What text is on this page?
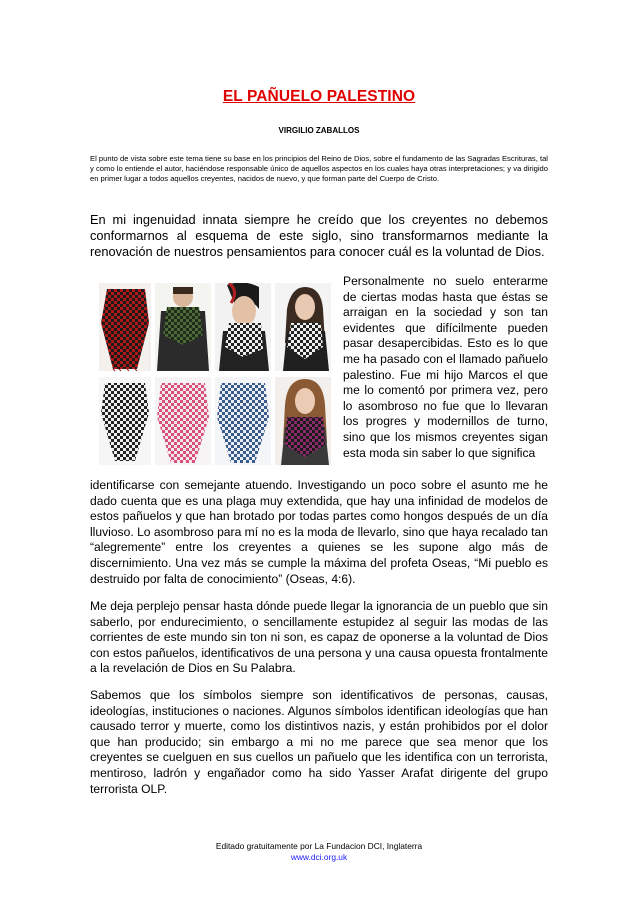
EL PAÑUELO PALESTINO
VIRGILIO ZABALLOS
El punto de vista sobre este tema tiene su base en los principios del Reino de Dios, sobre el fundamento de las Sagradas Escrituras, tal y como lo entiende el autor, haciéndose responsable único de aquellos aspectos en los cuales haya otras interpretaciones; y va dirigido en primer lugar a todos aquellos creyentes, nacidos de nuevo, y que forman parte del Cuerpo de Cristo.

En mi ingenuidad innata siempre he creído que los creyentes no debemos conformarnos al esquema de este siglo, sino transformarnos mediante la renovación de nuestros pensamientos para conocer cuál es la voluntad de Dios.

Personalmente no suelo enterarme de ciertas modas hasta que éstas se arraigan en la sociedad y son tan evidentes que difícilmente pueden pasar desapercibidas. Esto es lo que me ha pasado con el llamado pañuelo palestino. Fue mi hijo Marcos el que me lo comentó por primera vez, pero lo asombroso no fue que lo llevaran los progres y modernillos de turno, sino que los mismos creyentes sigan esta moda sin saber lo que significa

identificarse con semejante atuendo. Investigando un poco sobre el asunto me he dado cuenta que es una plaga muy extendida, que hay una infinidad de modelos de estos pañuelos y que han brotado por todas partes como hongos después de un día lluvioso. Lo asombroso para mí no es la moda de llevarlo, sino que haya recalado tan “alegremente” entre los creyentes a quienes se les supone algo más de discernimiento. Una vez más se cumple la máxima del profeta Oseas, “Mi pueblo es destruido por falta de conocimiento” (Oseas, 4:6).

Me deja perplejo pensar hasta dónde puede llegar la ignorancia de un pueblo que sin saberlo, por endurecimiento, o sencillamente estupidez al seguir las modas de las corrientes de este mundo sin ton ni son, es capaz de oponerse a la voluntad de Dios con estos pañuelos, identificativos de una persona y una causa opuesta frontalmente a la revelación de Dios en Su Palabra.

Sabemos que los símbolos siempre son identificativos de personas, causas, ideologías, instituciones o naciones. Algunos símbolos identifican ideologías que han causado terror y muerte, como los distintivos nazis, y están prohibidos por el dolor que han producido; sin embargo a mi no me parece que sea menor que los creyentes se cuelguen en sus cuellos un pañuelo que les identifica con un terrorista, mentiroso, ladrón y engañador como ha sido Yasser Arafat dirigente del grupo terrorista OLP.

Editado gratuitamente por La Fundacion DCI, Inglaterra
www.dci.org.uk
